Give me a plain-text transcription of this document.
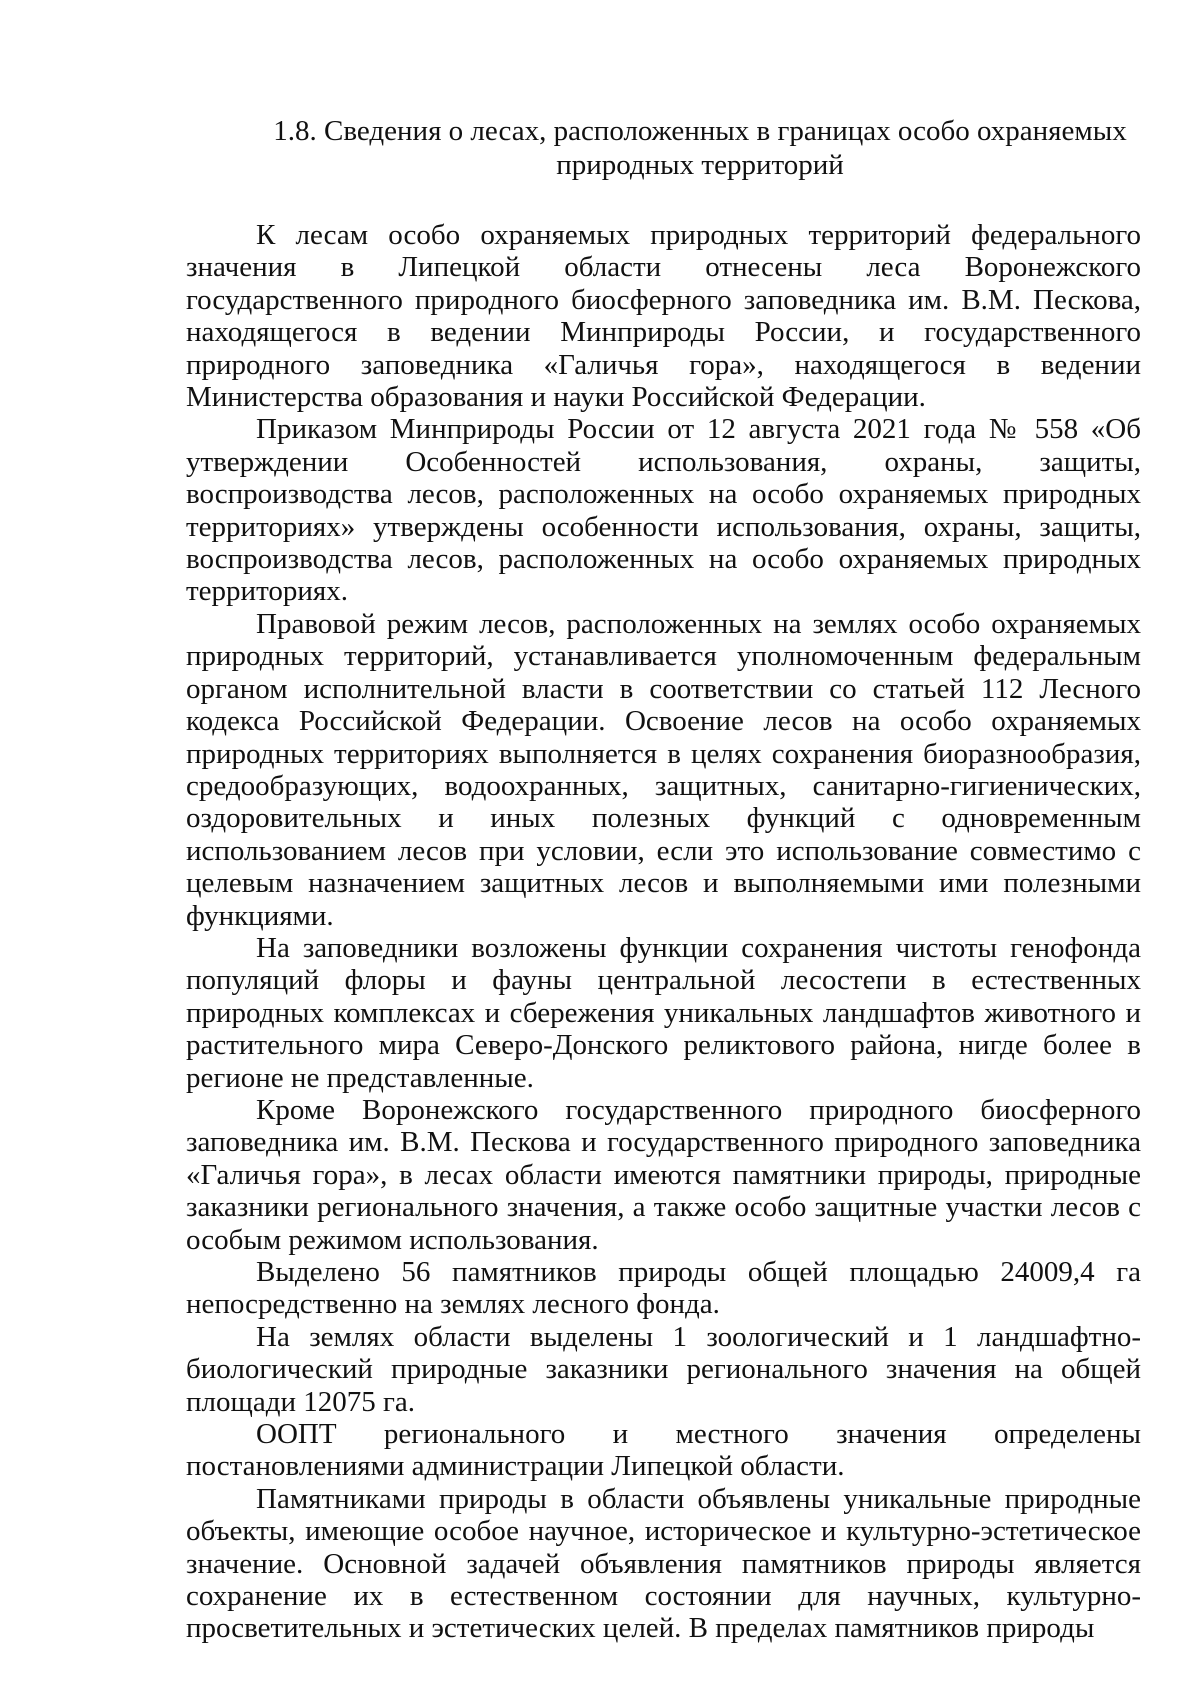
1.8. Сведения о лесах, расположенных в границах особо охраняемых
природных территорий

К лесам особо охраняемых природных территорий федерального значения в Липецкой области отнесены леса Воронежского государственного природного биосферного заповедника им. В.М. Пескова, находящегося в ведении Минприроды России, и государственного природного заповедника «Галичья гора», находящегося в ведении Министерства образования и науки Российской Федерации.

Приказом Минприроды России от 12 августа 2021 года № 558 «Об утверждении Особенностей использования, охраны, защиты, воспроизводства лесов, расположенных на особо охраняемых природных территориях» утверждены особенности использования, охраны, защиты, воспроизводства лесов, расположенных на особо охраняемых природных территориях.

Правовой режим лесов, расположенных на землях особо охраняемых природных территорий, устанавливается уполномоченным федеральным органом исполнительной власти в соответствии со статьей 112 Лесного кодекса Российской Федерации. Освоение лесов на особо охраняемых природных территориях выполняется в целях сохранения биоразнообразия, средообразующих, водоохранных, защитных, санитарно-гигиенических, оздоровительных и иных полезных функций с одновременным использованием лесов при условии, если это использование совместимо с целевым назначением защитных лесов и выполняемыми ими полезными функциями.

На заповедники возложены функции сохранения чистоты генофонда популяций флоры и фауны центральной лесостепи в естественных природных комплексах и сбережения уникальных ландшафтов животного и растительного мира Северо-Донского реликтового района, нигде более в регионе не представленные.

Кроме Воронежского государственного природного биосферного заповедника им. В.М. Пескова и государственного природного заповедника «Галичья гора», в лесах области имеются памятники природы, природные заказники регионального значения, а также особо защитные участки лесов с особым режимом использования.

Выделено 56 памятников природы общей площадью 24009,4 га непосредственно на землях лесного фонда.

На землях области выделены 1 зоологический и 1 ландшафтно-биологический природные заказники регионального значения на общей площади 12075 га.

ООПТ регионального и местного значения определены постановлениями администрации Липецкой области.

Памятниками природы в области объявлены уникальные природные объекты, имеющие особое научное, историческое и культурно-эстетическое значение. Основной задачей объявления памятников природы является сохранение их в естественном состоянии для научных, культурно-просветительных и эстетических целей. В пределах памятников природы
